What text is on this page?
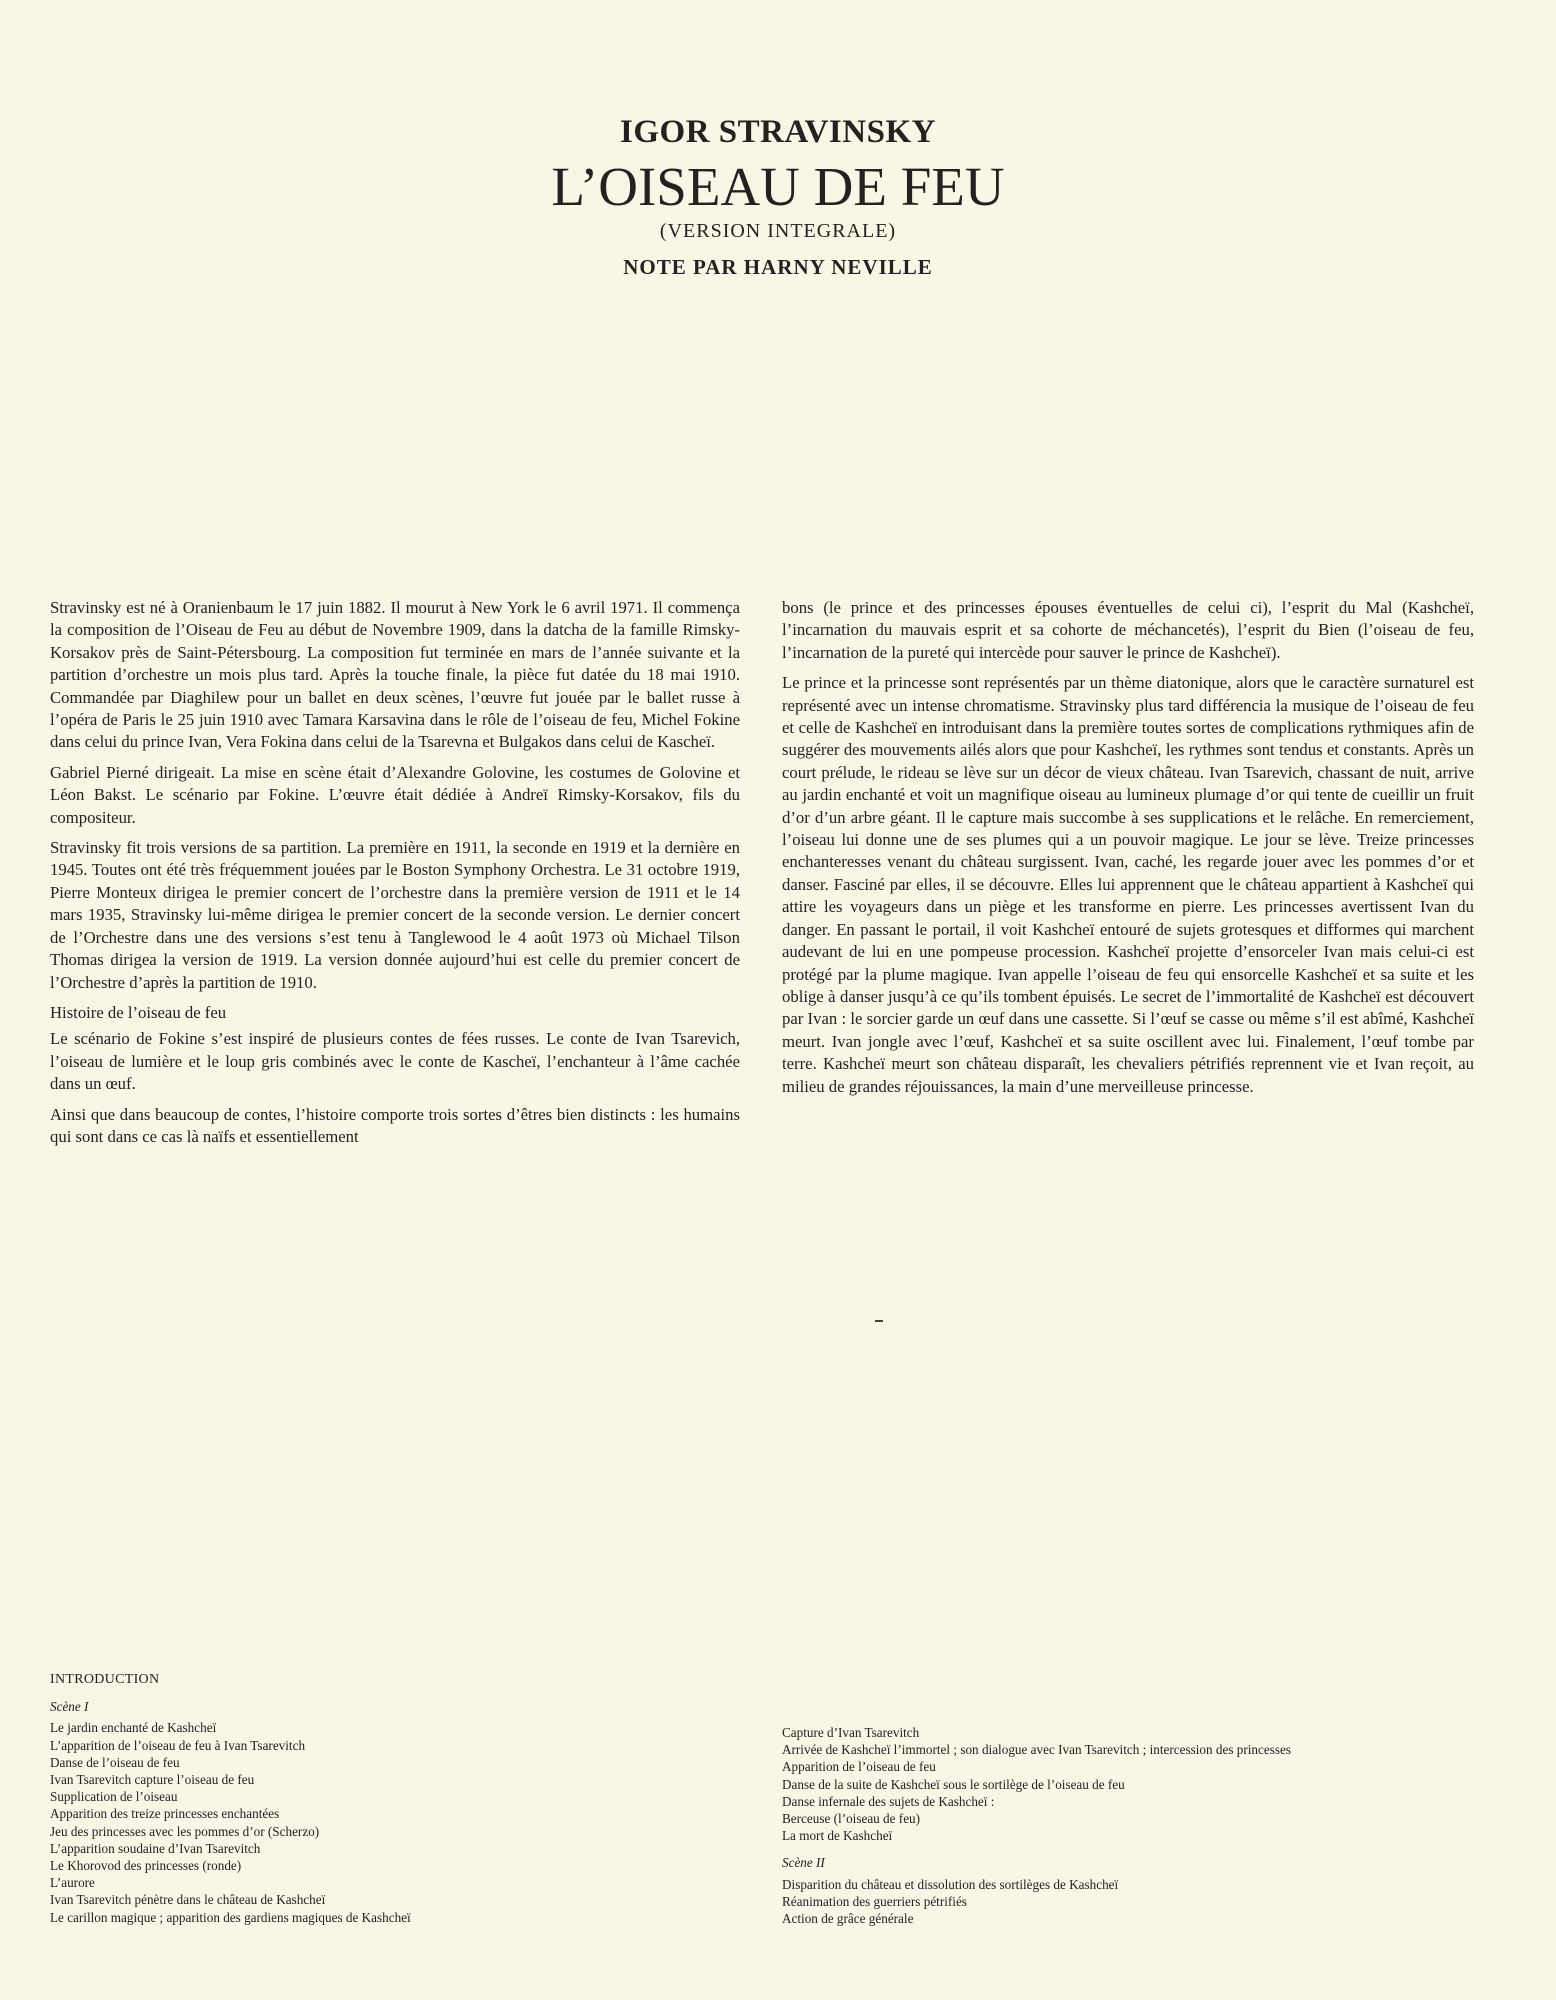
IGOR STRAVINSKY
L’OISEAU DE FEU
(VERSION INTEGRALE)
NOTE PAR HARNY NEVILLE

Stravinsky est né à Oranienbaum le 17 juin 1882. Il mourut à New York le 6 avril 1971. Il commença la composition de l’Oiseau de Feu au début de Novembre 1909, dans la datcha de la famille Rimsky-Korsakov près de Saint-Pétersbourg. La composition fut terminée en mars de l’année suivante et la partition d’orchestre un mois plus tard. Après la touche finale, la pièce fut datée du 18 mai 1910. Commandée par Diaghilew pour un ballet en deux scènes, l’œuvre fut jouée par le ballet russe à l’opéra de Paris le 25 juin 1910 avec Tamara Karsavina dans le rôle de l’oiseau de feu, Michel Fokine dans celui du prince Ivan, Vera Fokina dans celui de la Tsarevna et Bulgakos dans celui de Kascheï.

Gabriel Pierné dirigeait. La mise en scène était d’Alexandre Golovine, les costumes de Golovine et Léon Bakst. Le scénario par Fokine. L’œuvre était dédiée à Andreï Rimsky-Korsakov, fils du compositeur.

Stravinsky fit trois versions de sa partition. La première en 1911, la seconde en 1919 et la dernière en 1945. Toutes ont été très fréquemment jouées par le Boston Symphony Orchestra. Le 31 octobre 1919, Pierre Monteux dirigea le premier concert de l’orchestre dans la première version de 1911 et le 14 mars 1935, Stravinsky lui-même dirigea le premier concert de la seconde version. Le dernier concert de l’Orchestre dans une des versions s’est tenu à Tanglewood le 4 août 1973 où Michael Tilson Thomas dirigea la version de 1919. La version donnée aujourd’hui est celle du premier concert de l’Orchestre d’après la partition de 1910.

Histoire de l’oiseau de feu

Le scénario de Fokine s’est inspiré de plusieurs contes de fées russes. Le conte de Ivan Tsarevich, l’oiseau de lumière et le loup gris combinés avec le conte de Kascheï, l’enchanteur à l’âme cachée dans un œuf.

Ainsi que dans beaucoup de contes, l’histoire comporte trois sortes d’êtres bien distincts : les humains qui sont dans ce cas là naïfs et essentiellement

bons (le prince et des princesses épouses éventuelles de celui ci), l’esprit du Mal (Kashcheï, l’incarnation du mauvais esprit et sa cohorte de méchancetés), l’esprit du Bien (l’oiseau de feu, l’incarnation de la pureté qui intercède pour sauver le prince de Kashcheï).

Le prince et la princesse sont représentés par un thème diatonique, alors que le caractère surnaturel est représenté avec un intense chromatisme. Stravinsky plus tard différencia la musique de l’oiseau de feu et celle de Kashcheï en introduisant dans la première toutes sortes de complications rythmiques afin de suggérer des mouvements ailés alors que pour Kashcheï, les rythmes sont tendus et constants. Après un court prélude, le rideau se lève sur un décor de vieux château. Ivan Tsarevich, chassant de nuit, arrive au jardin enchanté et voit un magnifique oiseau au lumineux plumage d’or qui tente de cueillir un fruit d’or d’un arbre géant. Il le capture mais succombe à ses supplications et le relâche. En remerciement, l’oiseau lui donne une de ses plumes qui a un pouvoir magique. Le jour se lève. Treize princesses enchanteresses venant du château surgissent. Ivan, caché, les regarde jouer avec les pommes d’or et danser. Fasciné par elles, il se découvre. Elles lui apprennent que le château appartient à Kashcheï qui attire les voyageurs dans un piège et les transforme en pierre. Les princesses avertissent Ivan du danger. En passant le portail, il voit Kashcheï entouré de sujets grotesques et difformes qui marchent audevant de lui en une pompeuse procession. Kashcheï projette d’ensorceler Ivan mais celui-ci est protégé par la plume magique. Ivan appelle l’oiseau de feu qui ensorcelle Kashcheï et sa suite et les oblige à danser jusqu’à ce qu’ils tombent épuisés. Le secret de l’immortalité de Kashcheï est découvert par Ivan : le sorcier garde un œuf dans une cassette. Si l’œuf se casse ou même s’il est abîmé, Kashcheï meurt. Ivan jongle avec l’œuf, Kashcheï et sa suite oscillent avec lui. Finalement, l’œuf tombe par terre. Kashcheï meurt son château disparaît, les chevaliers pétrifiés reprennent vie et Ivan reçoit, au milieu de grandes réjouissances, la main d’une merveilleuse princesse.

INTRODUCTION
Scène I
Le jardin enchanté de Kashcheï
L’apparition de l’oiseau de feu à Ivan Tsarevitch
Danse de l’oiseau de feu
Ivan Tsarevitch capture l’oiseau de feu
Supplication de l’oiseau
Apparition des treize princesses enchantées
Jeu des princesses avec les pommes d’or (Scherzo)
L’apparition soudaine d’Ivan Tsarevitch
Le Khorovod des princesses (ronde)
L’aurore
Ivan Tsarevitch pénètre dans le château de Kashcheï
Le carillon magique ; apparition des gardiens magiques de Kashcheï
Capture d’Ivan Tsarevitch
Arrivée de Kashcheï l’immortel ; son dialogue avec Ivan Tsarevitch ; intercession des princesses
Apparition de l’oiseau de feu
Danse de la suite de Kashcheï sous le sortilège de l’oiseau de feu
Danse infernale des sujets de Kashcheï :
Berceuse (l’oiseau de feu)
La mort de Kashcheï
Scène II
Disparition du château et dissolution des sortilèges de Kashcheï
Réanimation des guerriers pétrifiés
Action de grâce générale
